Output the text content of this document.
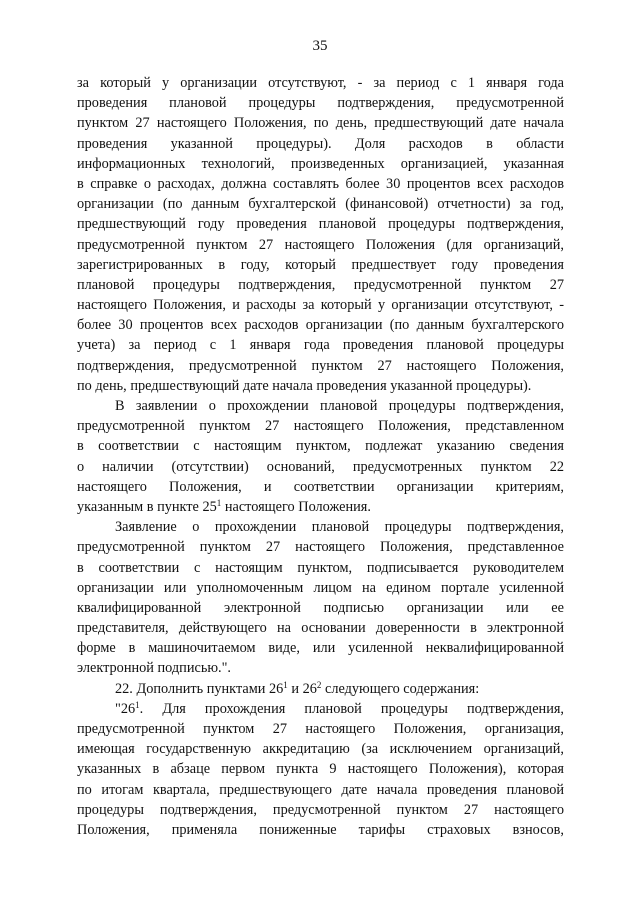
35
за который у организации отсутствуют, - за период с 1 января года
проведения плановой процедуры подтверждения, предусмотренной
пунктом 27 настоящего Положения, по день, предшествующий дате начала
проведения указанной процедуры). Доля расходов в области
информационных технологий, произведенных организацией, указанная
в справке о расходах, должна составлять более 30 процентов всех расходов
организации (по данным бухгалтерской (финансовой) отчетности) за год,
предшествующий году проведения плановой процедуры подтверждения,
предусмотренной пунктом 27 настоящего Положения (для организаций,
зарегистрированных в году, который предшествует году проведения
плановой процедуры подтверждения, предусмотренной пунктом 27
настоящего Положения, и расходы за который у организации отсутствуют, -
более 30 процентов всех расходов организации (по данным бухгалтерского
учета) за период с 1 января года проведения плановой процедуры
подтверждения, предусмотренной пунктом 27 настоящего Положения,
по день, предшествующий дате начала проведения указанной процедуры).
В заявлении о прохождении плановой процедуры подтверждения,
предусмотренной пунктом 27 настоящего Положения, представленном
в соответствии с настоящим пунктом, подлежат указанию сведения
о наличии (отсутствии) оснований, предусмотренных пунктом 22
настоящего Положения, и соответствии организации критериям,
указанным в пункте $25^1$ настоящего Положения.
Заявление о прохождении плановой процедуры подтверждения,
предусмотренной пунктом 27 настоящего Положения, представленное
в соответствии с настоящим пунктом, подписывается руководителем
организации или уполномоченным лицом на едином портале усиленной
квалифицированной электронной подписью организации или ее
представителя, действующего на основании доверенности в электронной
форме в машиночитаемом виде, или усиленной неквалифицированной
электронной подписью.".
22. Дополнить пунктами $26^1$ и $26^2$ следующего содержания:
"$26^1$. Для прохождения плановой процедуры подтверждения,
предусмотренной пунктом 27 настоящего Положения, организация,
имеющая государственную аккредитацию (за исключением организаций,
указанных в абзаце первом пункта 9 настоящего Положения), которая
по итогам квартала, предшествующего дате начала проведения плановой
процедуры подтверждения, предусмотренной пунктом 27 настоящего
Положения, применяла пониженные тарифы страховых взносов,
